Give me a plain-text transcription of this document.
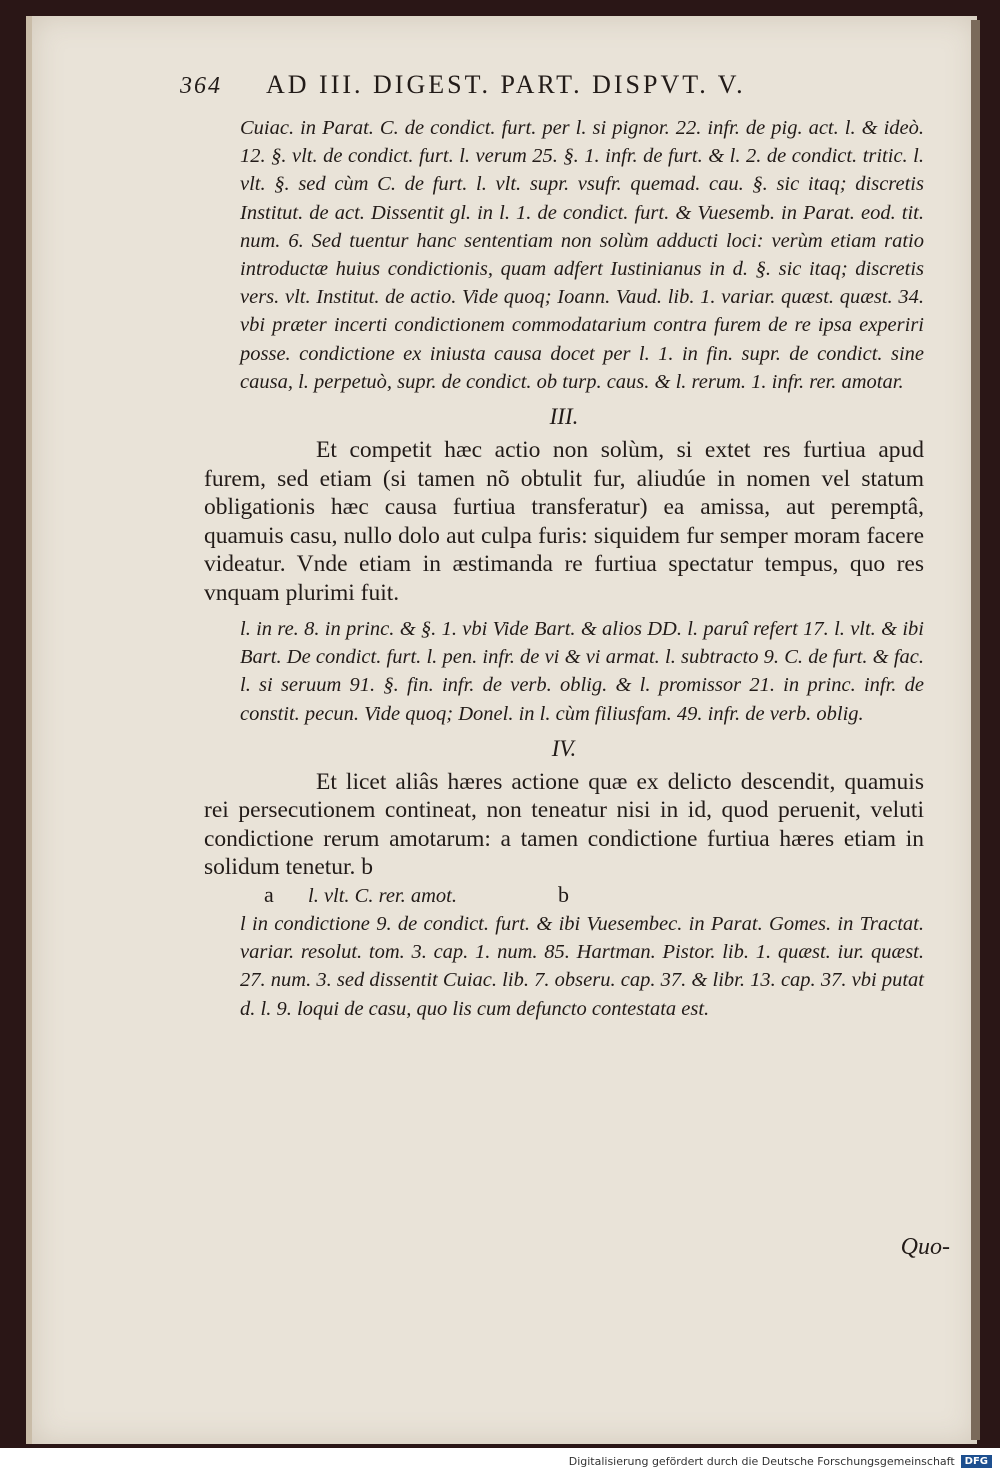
364	AD III. DIGEST. PART. DISPVT. V.

Cuiac. in Parat. C. de condict. furt. per l. si pignor. 22. infr. de pig. act. l. & ideò. 12. §. vlt. de condict. furt. l. verum 25. §. 1. infr. de furt. & l. 2. de condict. tritic. l. vlt. §. sed cùm C. de furt. l. vlt. supr. vsufr. quemad. cau. §. sic itaq; discretis Institut. de act. Dissentit gl. in l. 1. de condict. furt. & Vuesemb. in Parat. eod. tit. num. 6. Sed tuentur hanc sententiam non solùm adducti loci: verùm etiam ratio introductæ huius condictionis, quam adfert Iustinianus in d. §. sic itaq; discretis vers. vlt. Institut. de actio. Vide quoq; Ioann. Vaud. lib. 1. variar. quæst. quæst. 34. vbi præter incerti condictionem commodatarium contra furem de re ipsa experiri posse. condictione ex iniusta causa docet per l. 1. in fin. supr. de condict. sine causa, l. perpetuò, supr. de condict. ob turp. caus. & l. rerum. 1. infr. rer. amotar.

III.

Et competit hæc actio non solùm, si extet res furtiua apud furem, sed etiam (si tamen nõ obtulit fur, aliudúe in nomen vel statum obligationis hæc causa furtiua transferatur) ea amissa, aut peremptâ, quamuis casu, nullo dolo aut culpa furis: siquidem fur semper moram facere videatur. Vnde etiam in æstimanda re furtiua spectatur tempus, quo res vnquam plurimi fuit.

l. in re. 8. in princ. & §. 1. vbi Vide Bart. & alios DD. l. paruî refert 17. l. vlt. & ibi Bart. De condict. furt. l. pen. infr. de vi & vi armat. l. subtracto 9. C. de furt. & fac. l. si seruum 91. §. fin. infr. de verb. oblig. & l. promissor 21. in princ. infr. de constit. pecun. Vide quoq; Donel. in l. cùm filiusfam. 49. infr. de verb. oblig.

IV.

Et licet aliâs hæres actione quæ ex delicto descendit, quamuis rei persecutionem contineat, non teneatur nisi in id, quod peruenit, veluti condictione rerum amotarum: a tamen condictione furtiua hæres etiam in solidum tenetur. b

a	l. vlt. C. rer. amot.	b

l in condictione 9. de condict. furt. & ibi Vuesembec. in Parat. Gomes. in Tractat. variar. resolut. tom. 3. cap. 1. num. 85. Hartman. Pistor. lib. 1. quæst. iur. quæst. 27. num. 3. sed dissentit Cuiac. lib. 7. obseru. cap. 37. & libr. 13. cap. 37. vbi putat d. l. 9. loqui de casu, quo lis cum defuncto contestata est.

Quo-
Digitalisierung gefördert durch die Deutsche Forschungsgemeinschaft	DFG
